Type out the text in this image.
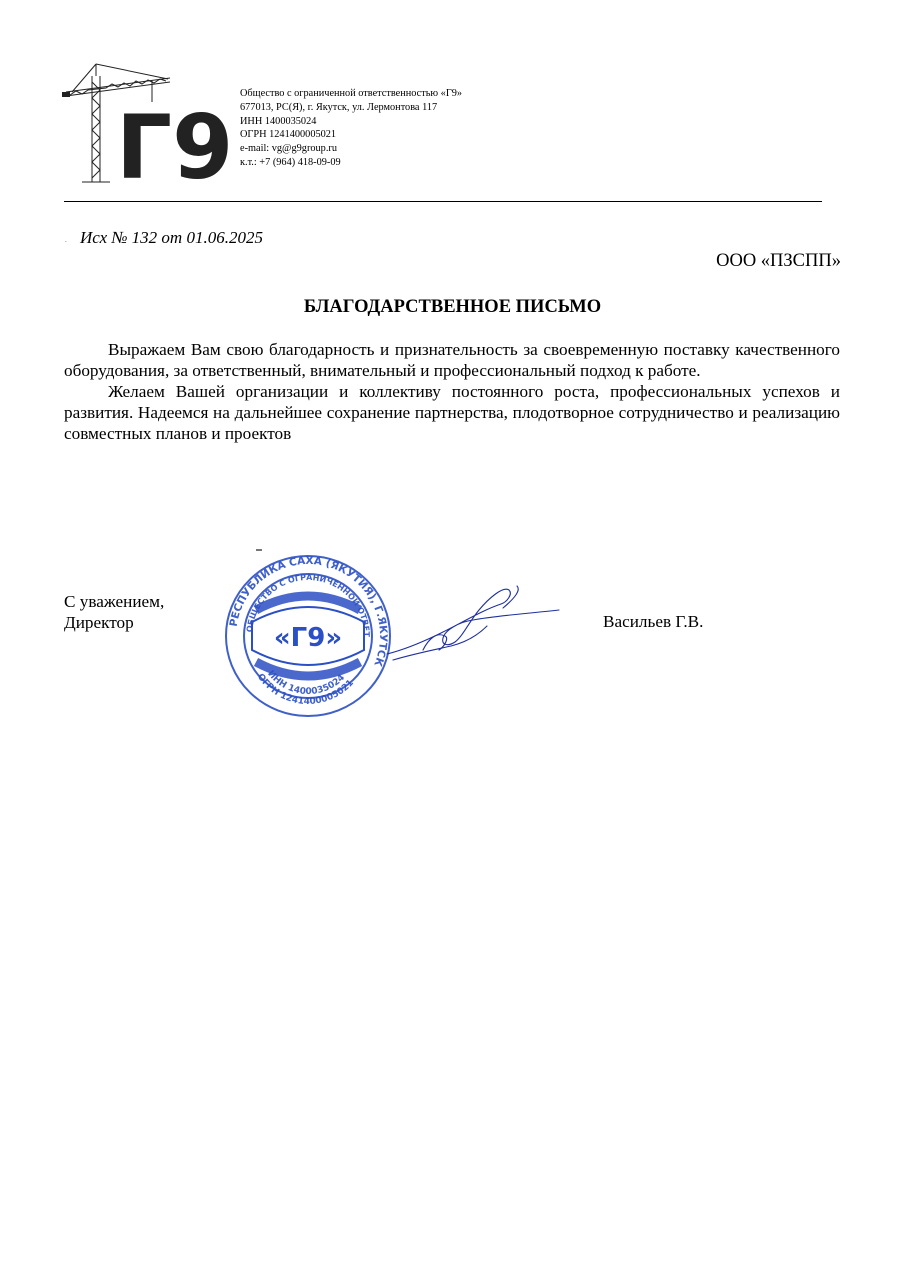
Г9
Общество с ограниченной ответственностью «Г9»
677013, РС(Я), г. Якутск, ул. Лермонтова 117
ИНН 1400035024
ОГРН 1241400005021
e-mail: vg@g9group.ru
к.т.: +7 (964) 418-09-09
. Исх № 132 от 01.06.2025
ООО «ПЗСПП»
БЛАГОДАРСТВЕННОЕ ПИСЬМО

Выражаем Вам свою благодарность и признательность за своевременную поставку качественного оборудования, за ответственный, внимательный и профессиональный подход к работе.

Желаем Вашей организации и коллективу постоянного роста, профессиональных успехов и развития. Надеемся на дальнейшее сохранение партнерства, плодотворное сотрудничество и реализацию совместных планов и проектов

С уважением,
Директор	РЕСПУБЛИКА САХА (ЯКУТИЯ), Г.ЯКУТСК
ОБЩЕСТВО С ОГРАНИЧЕННОЙ ОТВЕТ
«Г9»
ИНН 1400035024
ОГРН 1241400005021
Васильев Г.В.
